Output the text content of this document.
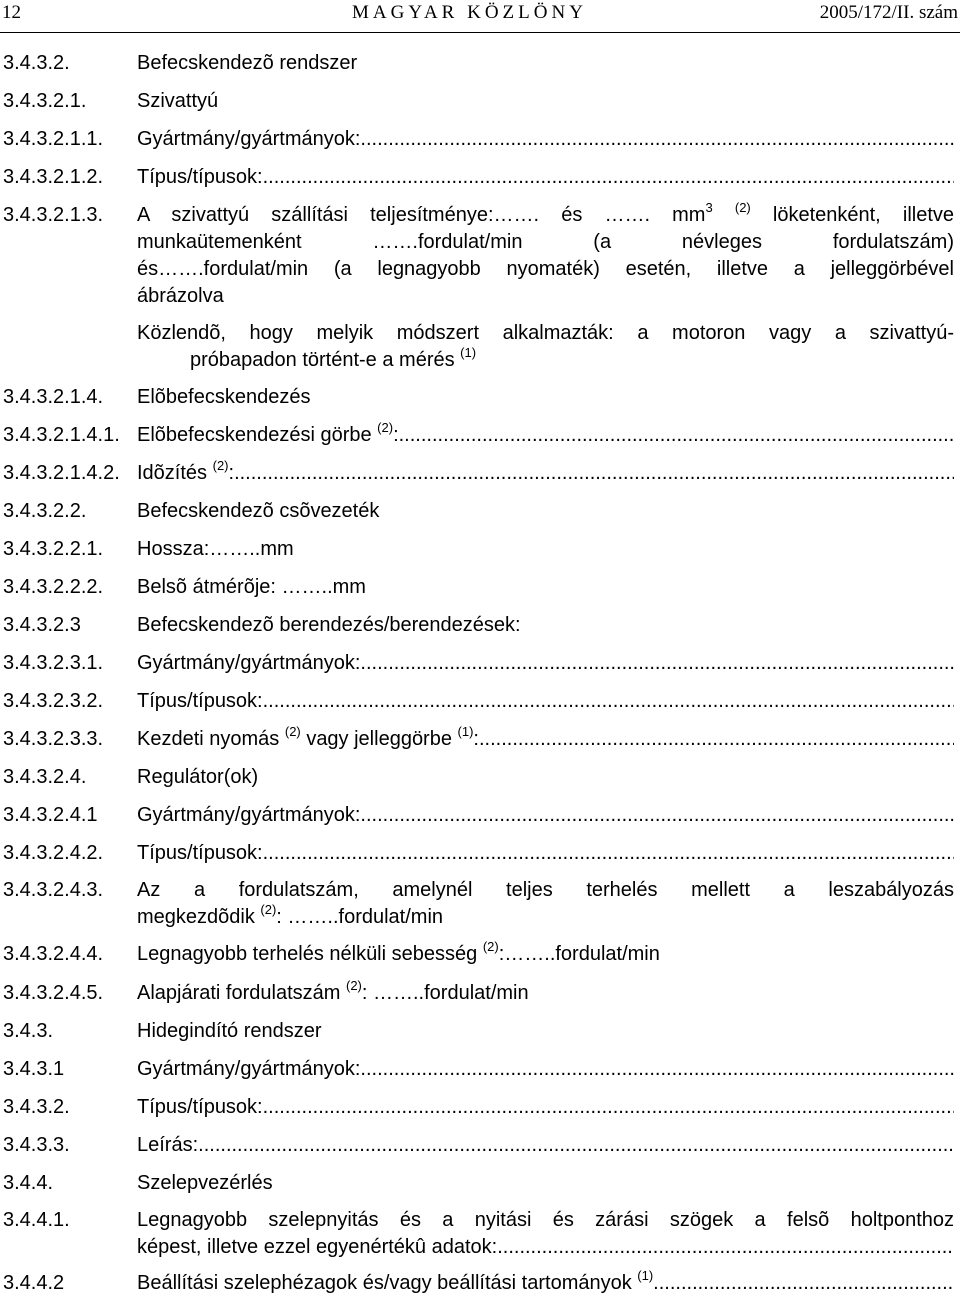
12	MAGYAR KÖZLÖNY	2005/172/II. szám
3.4.3.2.	Befecskendezõ rendszer
3.4.3.2.1.	Szivattyú
3.4.3.2.1.1. Gyártmány/gyártmányok:
.....
3.4.3.2.1.2. Típus/típusok:
.....
3.4.3.2.1.3. A szivattyú szállítási teljesítménye:……. és ……. $mm^3$ $^{(2)}$ löketenként, illetve
munkaütemenként …….fordulat/min (a névleges fordulatszám)
és…….fordulat/min (a legnagyobb nyomaték) esetén, illetve a jelleggörbével
ábrázolva
Közlendõ, hogy melyik módszert alkalmazták: a motoron vagy a szivattyú-
próbapadon történt-e a mérés $^{(1)}$
3.4.3.2.1.4. Elõbefecskendezés
3.4.3.2.1.4.1. Elõbefecskendezési görbe $^{(2)}$:
.....
3.4.3.2.1.4.2. Idõzítés $^{(2)}$:
.....
3.4.3.2.2.	Befecskendezõ csõvezeték
3.4.3.2.2.1. Hossza:……..mm
3.4.3.2.2.2. Belsõ átmérõje: ……..mm
3.4.3.2.3	Befecskendezõ berendezés/berendezések:
3.4.3.2.3.1. Gyártmány/gyártmányok:
.....
3.4.3.2.3.2. Típus/típusok:
.....
3.4.3.2.3.3. Kezdeti nyomás $^{(2)}$ vagy jelleggörbe $^{(1)}$:
.....
3.4.3.2.4.	Regulátor(ok)
3.4.3.2.4.1 Gyártmány/gyártmányok:
.....
3.4.3.2.4.2. Típus/típusok:
.....
3.4.3.2.4.3. Az a fordulatszám, amelynél teljes terhelés mellett a leszabályozás
megkezdõdik $^{(2)}$: ……..fordulat/min
3.4.3.2.4.4. Legnagyobb terhelés nélküli sebesség $^{(2)}$:……..fordulat/min
3.4.3.2.4.5. Alapjárati fordulatszám $^{(2)}$: ……..fordulat/min
3.4.3.	Hidegindító rendszer
3.4.3.1	Gyártmány/gyártmányok:
.....
3.4.3.2.	Típus/típusok:
.....
3.4.3.3.	Leírás:
.....
3.4.4.	Szelepvezérlés
3.4.4.1.	Legnagyobb szelepnyitás és a nyitási és zárási szögek a felsõ holtponthoz
képest, illetve ezzel egyenértékû adatok:
.....
3.4.4.2	Beállítási szelephézagok és/vagy beállítási tartományok $^{(1)}$
.....
